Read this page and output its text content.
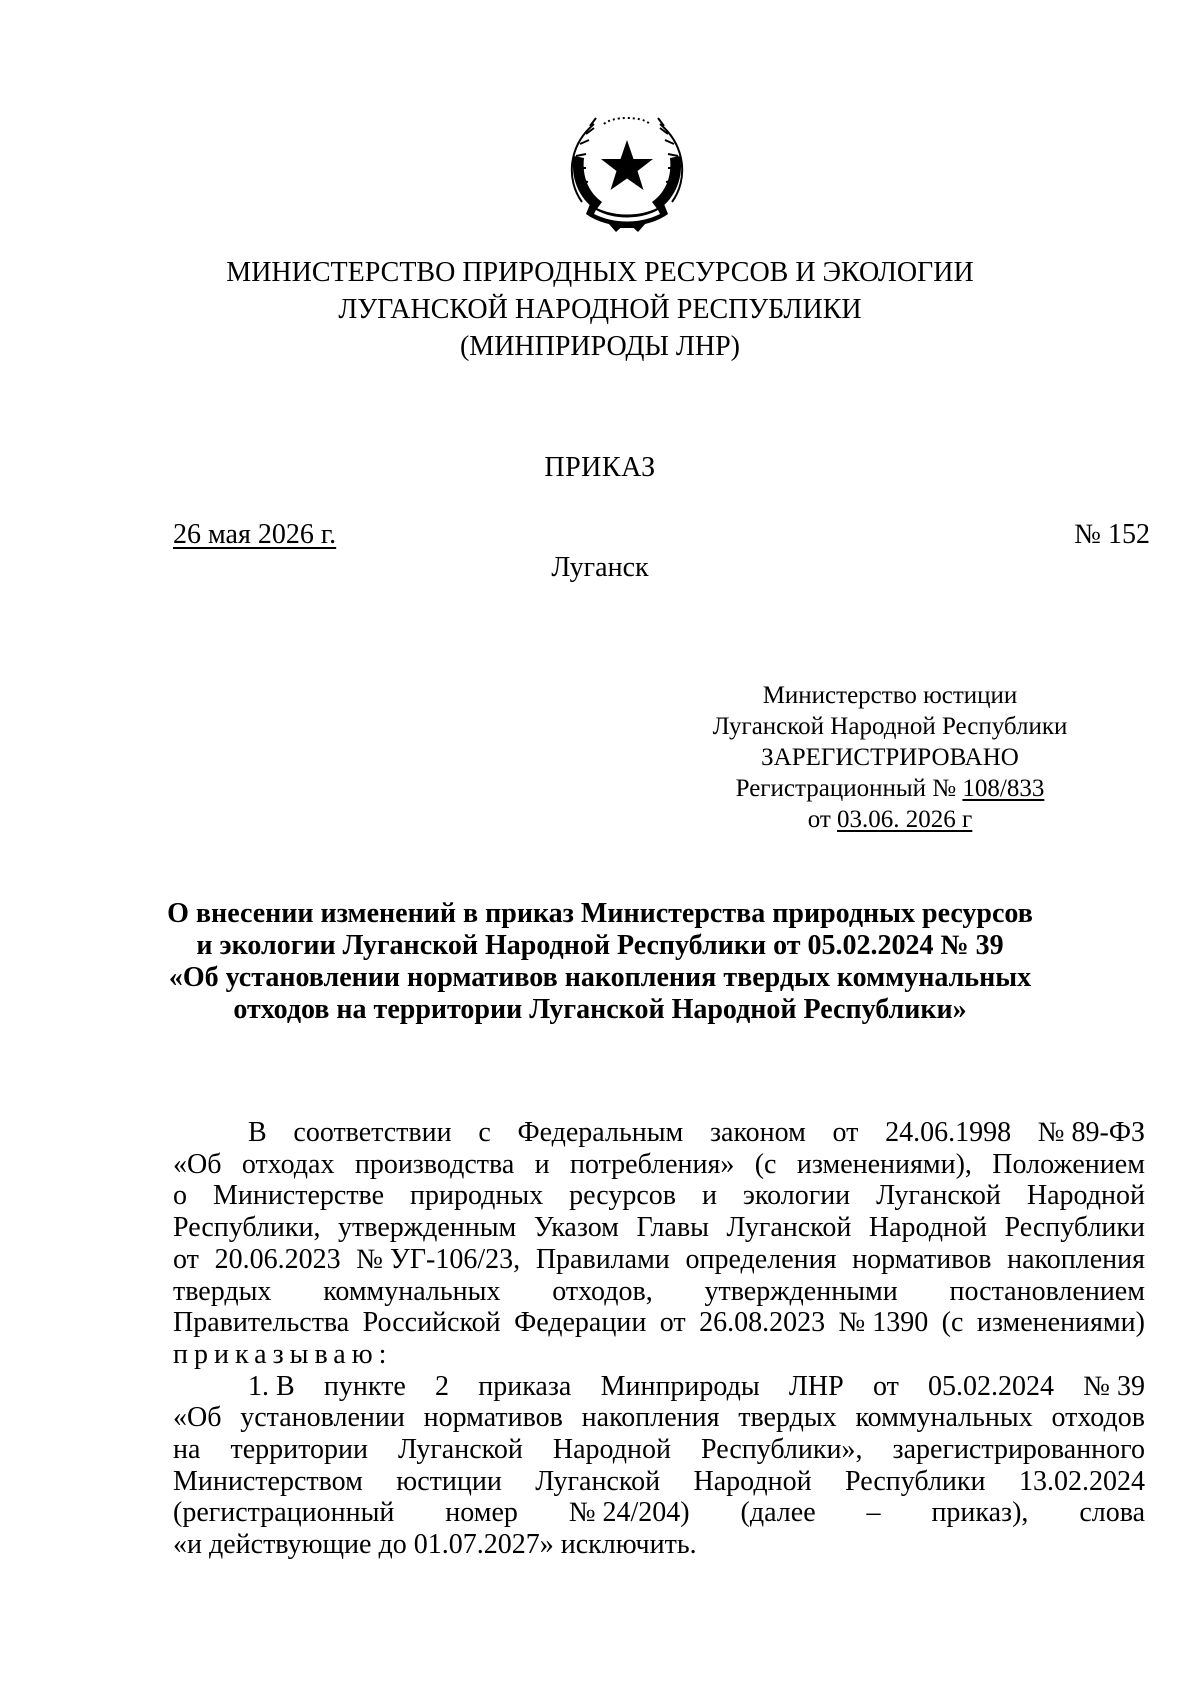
МИНИСТЕРСТВО ПРИРОДНЫХ РЕСУРСОВ И ЭКОЛОГИИ
ЛУГАНСКОЙ НАРОДНОЙ РЕСПУБЛИКИ
(МИНПРИРОДЫ ЛНР)
ПРИКАЗ
26 мая 2026 г.	№ 152
Луганск
Министерство юстиции
Луганской Народной Республики
ЗАРЕГИСТРИРОВАНО
Регистрационный № 108/833
от 03.06. 2026 г
О внесении изменений в приказ Министерства природных ресурсов
и экологии Луганской Народной Республики от 05.02.2024 № 39
«Об установлении нормативов накопления твердых коммунальных
отходов на территории Луганской Народной Республики»
В соответствии с Федеральным законом от 24.06.1998 № 89-ФЗ
«Об отходах производства и потребления» (с изменениями), Положением
о Министерстве природных ресурсов и экологии Луганской Народной
Республики, утвержденным Указом Главы Луганской Народной Республики
от 20.06.2023 № УГ-106/23, Правилами определения нормативов накопления
твердых коммунальных отходов, утвержденными постановлением
Правительства Российской Федерации от 26.08.2023 № 1390 (с изменениями)
приказываю:
1. В пункте 2 приказа Минприроды ЛНР от 05.02.2024 № 39
«Об установлении нормативов накопления твердых коммунальных отходов
на территории Луганской Народной Республики», зарегистрированного
Министерством юстиции Луганской Народной Республики 13.02.2024
(регистрационный номер № 24/204) (далее – приказ), слова
«и действующие до 01.07.2027» исключить.
